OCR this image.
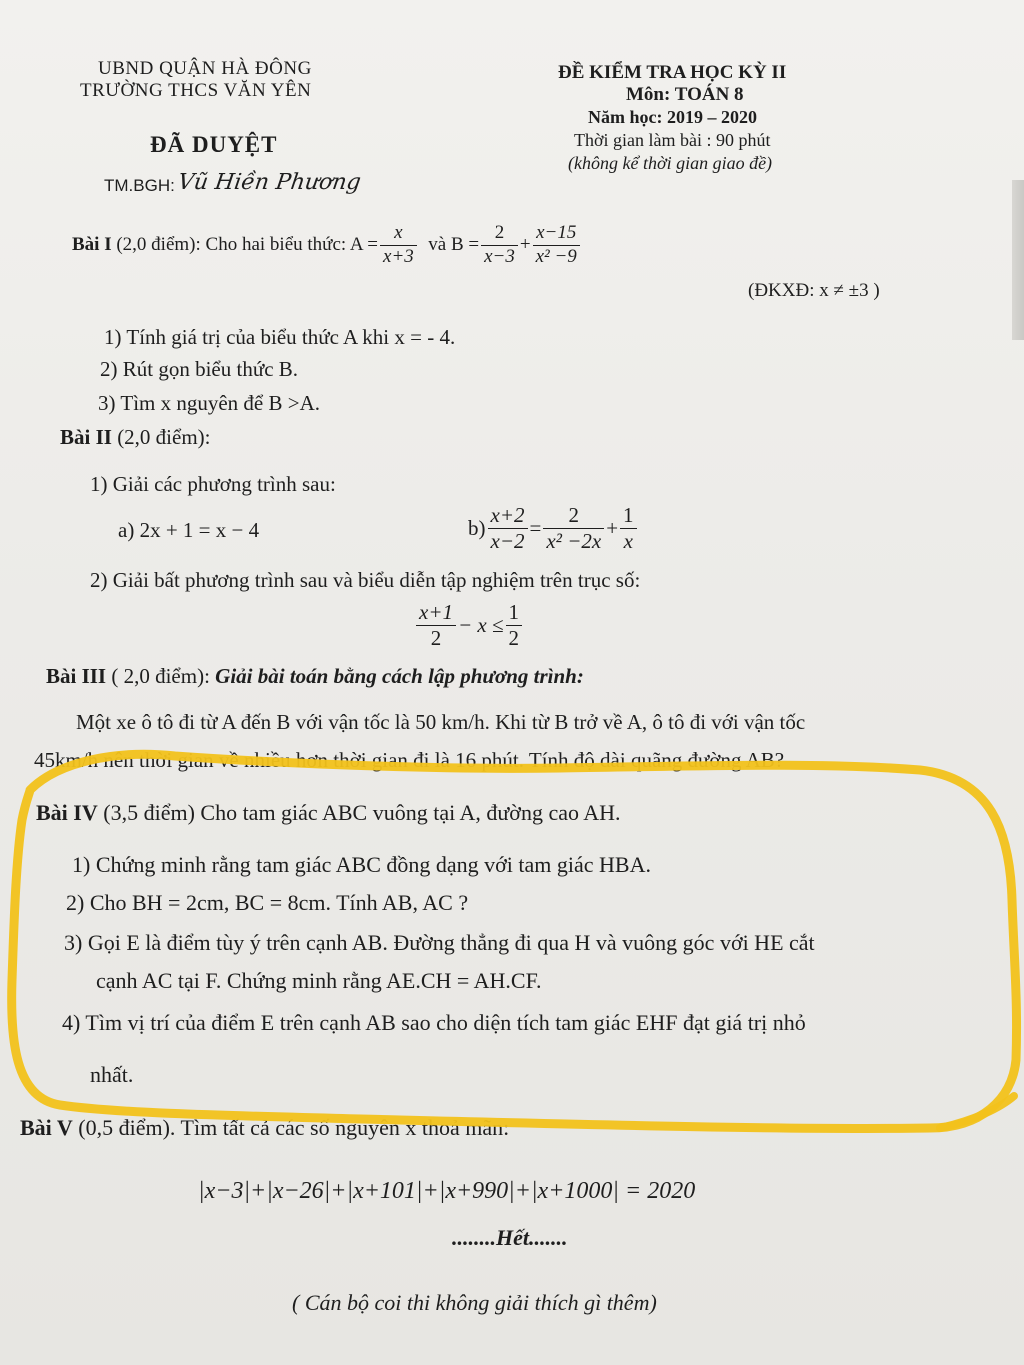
UBND QUẬN HÀ ĐÔNG
TRƯỜNG THCS VĂN YÊN
ĐÃ DUYỆT
TM.BGH: Vũ Hiền Phương
ĐỀ KIỂM TRA HỌC KỲ II
Môn: TOÁN 8
Năm học: 2019 – 2020
Thời gian làm bài : 90 phút
(không kể thời gian giao đề)
Bài I
(2,0 điểm): Cho hai biểu thức: $A = \frac{x}{x+3}$
và $B = \frac{2}{x-3} + \frac{x-15}{\text{x² −9}}$
(ĐKXĐ: x ≠ ±3 )
1) Tính giá trị của biểu thức A khi x = - 4.
2) Rút gọn biểu thức B.
3) Tìm x nguyên để B >A.
Bài II (2,0 điểm):
1) Giải các phương trình sau:
a) 2x + 1 = x − 4	$b) \frac{x+2}{x-2} = \frac{2}{\text{x² −2x}} + \frac{1}{x}$
2) Giải bất phương trình sau và biểu diễn tập nghiệm trên trục số:
$\frac{x+1}{2} - x \le \frac{1}{2}$
Bài III ( 2,0 điểm): Giải bài toán bằng cách lập phương trình:
Một xe ô tô đi từ A đến B với vận tốc là 50 km/h. Khi từ B trở về A, ô tô đi với vận tốc
45km/h nên thời gian về nhiều hơn thời gian đi là 16 phút. Tính độ dài quãng đường AB?
Bài IV (3,5 điểm) Cho tam giác ABC vuông tại A, đường cao AH.
1) Chứng minh rằng tam giác ABC đồng dạng với tam giác HBA.
2) Cho BH = 2cm, BC = 8cm. Tính AB, AC ?
3) Gọi E là điểm tùy ý trên cạnh AB. Đường thẳng đi qua H và vuông góc với HE cắt
cạnh AC tại F. Chứng minh rằng AE.CH = AH.CF.
4) Tìm vị trí của điểm E trên cạnh AB sao cho diện tích tam giác EHF đạt giá trị nhỏ
nhất.
Bài V (0,5 điểm). Tìm tất cả các số nguyên x thoả mãn:
|x−3|+|x−26|+|x+101|+|x+990|+|x+1000| = 2020
........Hết.......
( Cán bộ coi thi không giải thích gì thêm)
